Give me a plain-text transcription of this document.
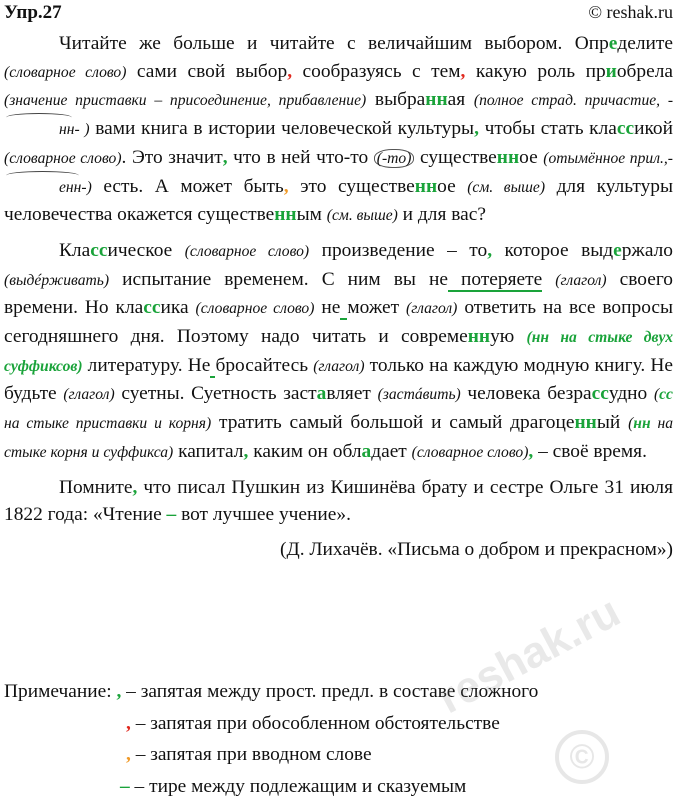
Упр.27	© reshak.ru

Читайте же больше и читайте с величайшим выбором. Определите (словарное слово) сами свой выбор, сообразуясь с тем, какую роль приобрела (значение приставки – присоединение, прибавление) выбранная (полное страд. причастие, -нн- ) вами книга в истории человеческой культуры, чтобы стать классикой (словарное слово). Это значит, что в ней что-то (-то) существенное (отымённое прил.,-енн-) есть. А может быть, это существенное (см. выше) для культуры человечества окажется существенным (см. выше) и для вас?

Классическое (словарное слово) произведение – то, которое выдержало (выдéрживать) испытание временем. С ним вы не потеряете (глагол) своего времени. Но классика (словарное слово) не может (глагол) ответить на все вопросы сегодняшнего дня. Поэтому надо читать и современную (нн на стыке двух суффиксов) литературу. Не бросайтесь (глагол) только на каждую модную книгу. Не будьте (глагол) суетны. Суетность заставляет (застáвить) человека безрассудно (сс на стыке приставки и корня) тратить самый большой и самый драгоценный (нн на стыке корня и суффикса) капитал, каким он обладает (словарное слово), – своё время.

Помните, что писал Пушкин из Кишинёва брату и сестре Ольге 31 июля 1822 года: «Чтение – вот лучшее учение».

(Д. Лихачёв. «Письма о добром и прекрасном»)

Примечание: , – запятая между прост. предл. в составе сложного
, – запятая при обособленном обстоятельстве
, – запятая при вводном слове
– – тире между подлежащим и сказуемым
reshak.ru
©
